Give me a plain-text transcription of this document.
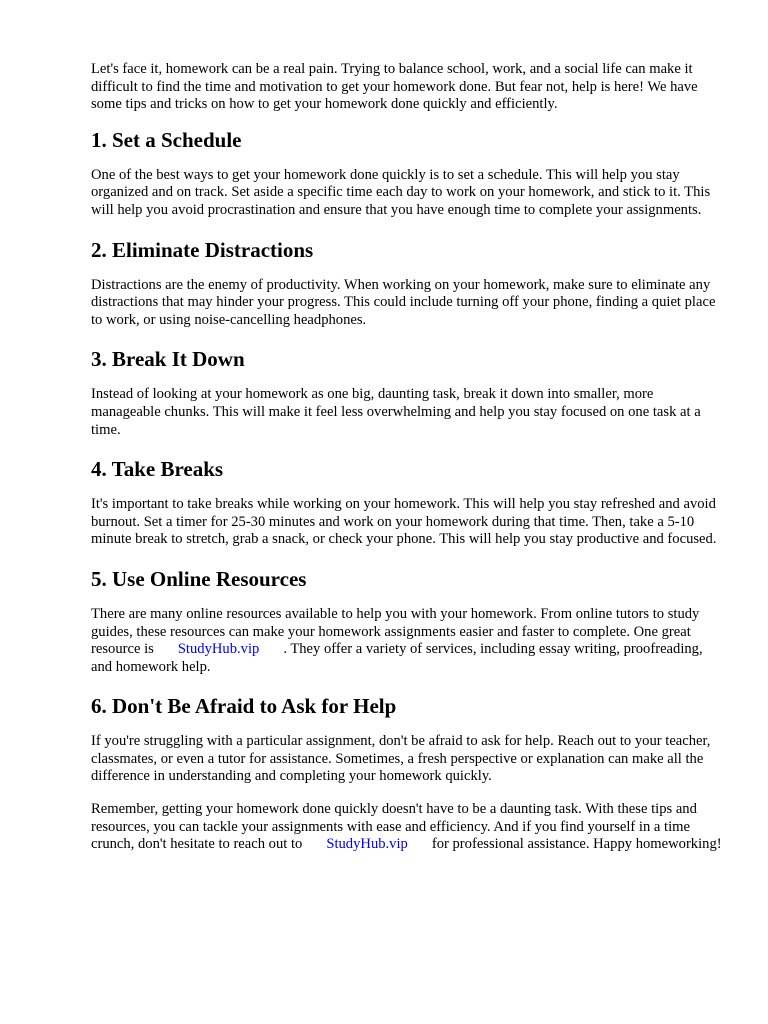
Let's face it, homework can be a real pain. Trying to balance school, work, and a social life can make it difficult to find the time and motivation to get your homework done. But fear not, help is here! We have some tips and tricks on how to get your homework done quickly and efficiently.

1. Set a Schedule

One of the best ways to get your homework done quickly is to set a schedule. This will help you stay organized and on track. Set aside a specific time each day to work on your homework, and stick to it. This will help you avoid procrastination and ensure that you have enough time to complete your assignments.

2. Eliminate Distractions

Distractions are the enemy of productivity. When working on your homework, make sure to eliminate any distractions that may hinder your progress. This could include turning off your phone, finding a quiet place to work, or using noise-cancelling headphones.

3. Break It Down

Instead of looking at your homework as one big, daunting task, break it down into smaller, more manageable chunks. This will make it feel less overwhelming and help you stay focused on one task at a time.

4. Take Breaks

It's important to take breaks while working on your homework. This will help you stay refreshed and avoid burnout. Set a timer for 25-30 minutes and work on your homework during that time. Then, take a 5-10 minute break to stretch, grab a snack, or check your phone. This will help you stay productive and focused.

5. Use Online Resources

There are many online resources available to help you with your homework. From online tutors to study guides, these resources can make your homework assignments easier and faster to complete. One great resource is StudyHub.vip . They offer a variety of services, including essay writing, proofreading, and homework help.

6. Don't Be Afraid to Ask for Help

If you're struggling with a particular assignment, don't be afraid to ask for help. Reach out to your teacher, classmates, or even a tutor for assistance. Sometimes, a fresh perspective or explanation can make all the difference in understanding and completing your homework quickly.

Remember, getting your homework done quickly doesn't have to be a daunting task. With these tips and resources, you can tackle your assignments with ease and efficiency. And if you find yourself in a time crunch, don't hesitate to reach out to StudyHub.vip for professional assistance. Happy homeworking!
